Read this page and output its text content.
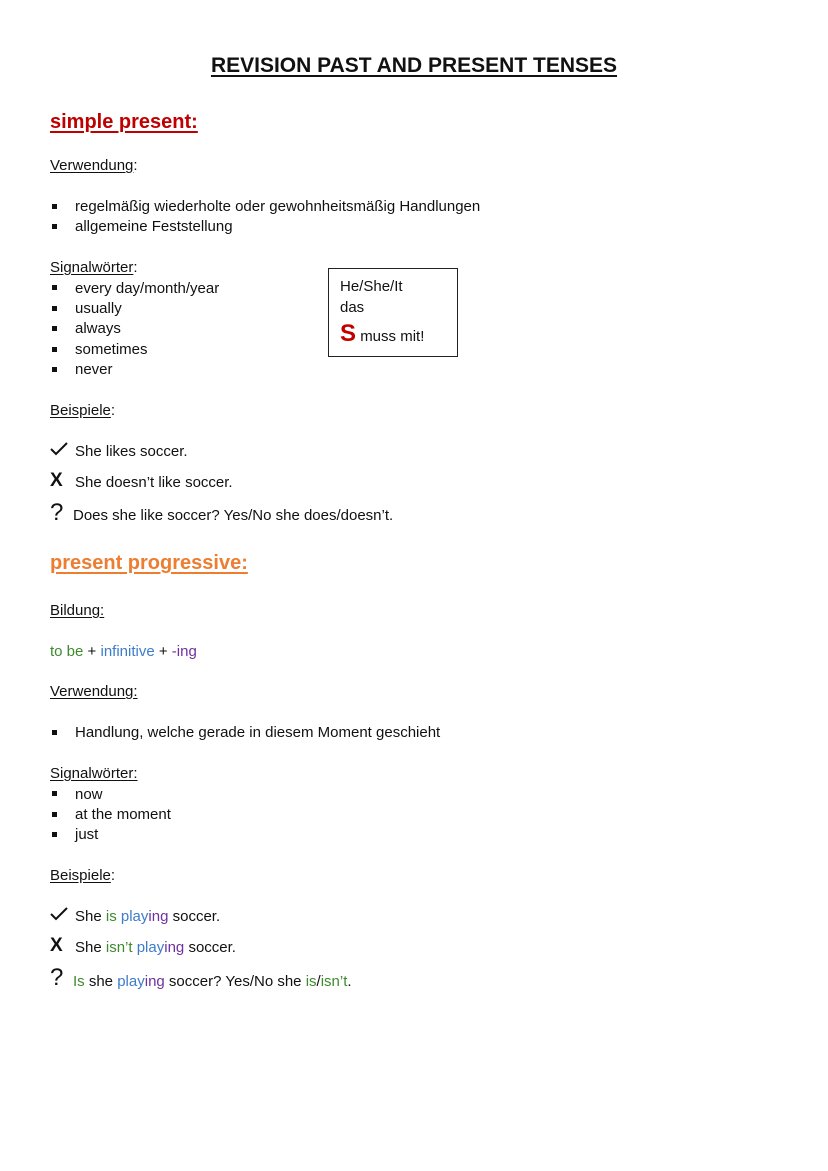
REVISION PAST AND PRESENT TENSES
simple present:
Verwendung:
regelmäßig wiederholte oder gewohnheitsmäßig Handlungen
allgemeine Feststellung
Signalwörter:
every day/month/year
usually
always
sometimes
never
He/She/It
das
S muss mit!
Beispiele:
She likes soccer.
X She doesn’t like soccer.
? Does she like soccer? Yes/No she does/doesn’t.
present progressive:
Bildung:
to be + infinitive + -ing
Verwendung:
Handlung, welche gerade in diesem Moment geschieht
Signalwörter:
now
at the moment
just
Beispiele:
She is playing soccer.
X She isn’t playing soccer.
? Is she playing soccer? Yes/No she is/isn’t.
